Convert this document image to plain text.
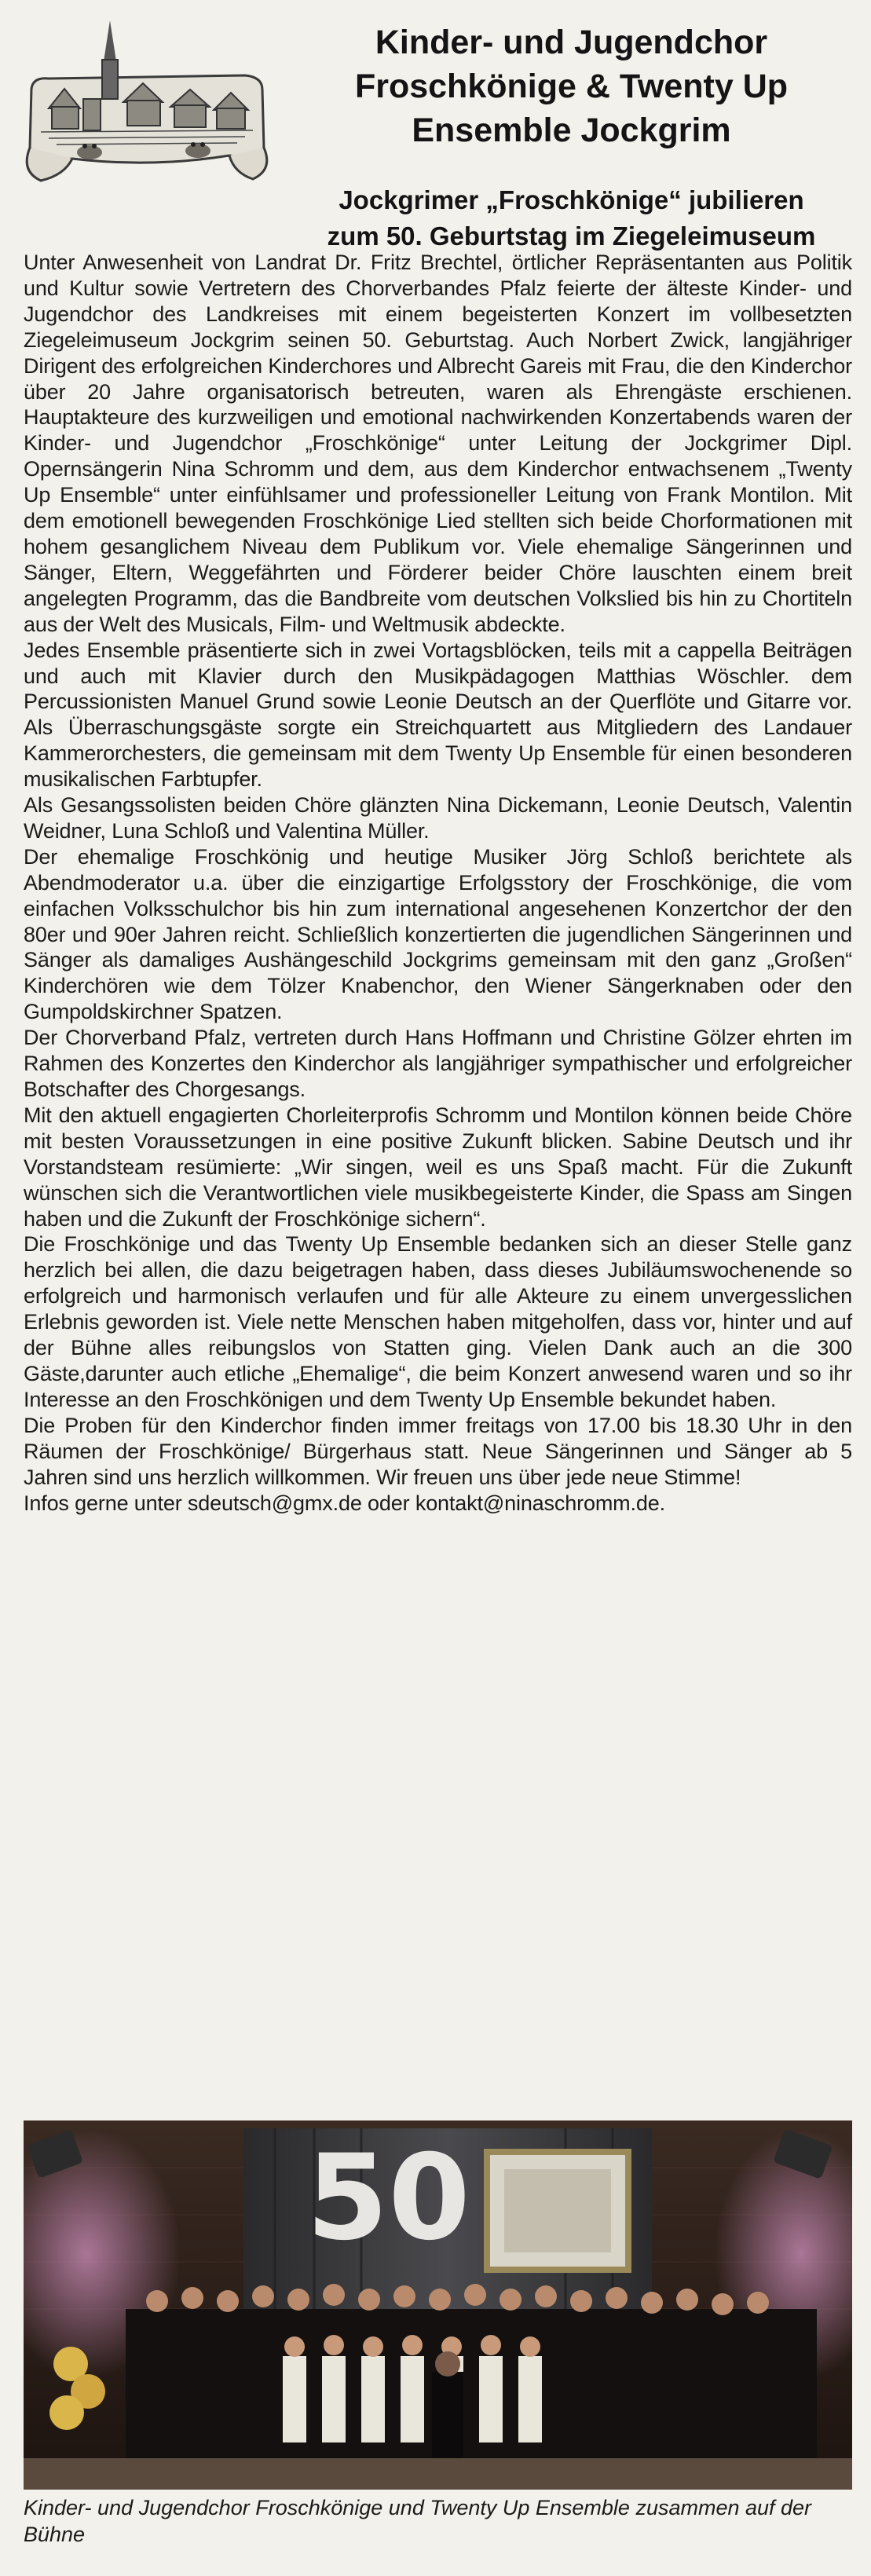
Kinder- und Jugendchor
Froschkönige & Twenty Up
Ensemble Jockgrim
Jockgrimer „Froschkönige“ jubilieren
zum 50. Geburtstag im Ziegeleimuseum

Unter Anwesenheit von Landrat Dr. Fritz Brechtel, örtlicher Repräsentanten aus Politik und Kultur sowie Vertretern des Chorverbandes Pfalz feierte der älteste Kinder- und Jugendchor des Landkreises mit einem begeisterten Konzert im vollbesetzten Ziegeleimuseum Jockgrim seinen 50. Geburtstag. Auch Norbert Zwick, langjähriger Dirigent des erfolgreichen Kinderchores und Albrecht Gareis mit Frau, die den Kinderchor über 20 Jahre organisatorisch betreuten, waren als Ehrengäste erschienen. Hauptakteure des kurzweiligen und emotional nachwirkenden Konzertabends waren der Kinder- und Jugendchor „Froschkönige“ unter Leitung der Jockgrimer Dipl. Opernsängerin Nina Schromm und dem, aus dem Kinderchor entwachsenem „Twenty Up Ensemble“ unter einfühlsamer und professioneller Leitung von Frank Montilon. Mit dem emotionell bewegenden Froschkönige Lied stellten sich beide Chorformationen mit hohem gesanglichem Niveau dem Publikum vor. Viele ehemalige Sängerinnen und Sänger, Eltern, Weggefährten und Förderer beider Chöre lauschten einem breit angelegten Programm, das die Bandbreite vom deutschen Volkslied bis hin zu Chortiteln aus der Welt des Musicals, Film- und Weltmusik abdeckte.

Jedes Ensemble präsentierte sich in zwei Vortagsblöcken, teils mit a cappella Beiträgen und auch mit Klavier durch den Musikpädagogen Matthias Wöschler. dem Percussionisten Manuel Grund sowie Leonie Deutsch an der Querflöte und Gitarre vor. Als Überraschungsgäste sorgte ein Streichquartett aus Mitgliedern des Landauer Kammerorchesters, die gemeinsam mit dem Twenty Up Ensemble für einen besonderen musikalischen Farbtupfer.

Als Gesangssolisten beiden Chöre glänzten Nina Dickemann, Leonie Deutsch, Valentin Weidner, Luna Schloß und Valentina Müller.

Der ehemalige Froschkönig und heutige Musiker Jörg Schloß berichtete als Abendmoderator u.a. über die einzigartige Erfolgsstory der Froschkönige, die vom einfachen Volksschulchor bis hin zum international angesehenen Konzertchor der den 80er und 90er Jahren reicht. Schließlich konzertierten die jugendlichen Sängerinnen und Sänger als damaliges Aushängeschild Jockgrims gemeinsam mit den ganz „Großen“ Kinderchören wie dem Tölzer Knabenchor, den Wiener Sängerknaben oder den Gumpoldskirchner Spatzen.

Der Chorverband Pfalz, vertreten durch Hans Hoffmann und Christine Gölzer ehrten im Rahmen des Konzertes den Kinderchor als langjähriger sympathischer und erfolgreicher Botschafter des Chorgesangs.

Mit den aktuell engagierten Chorleiterprofis Schromm und Montilon können beide Chöre mit besten Voraussetzungen in eine positive Zukunft blicken. Sabine Deutsch und ihr Vorstandsteam resümierte: „Wir singen, weil es uns Spaß macht. Für die Zukunft wünschen sich die Verantwortlichen viele musikbegeisterte Kinder, die Spass am Singen haben und die Zukunft der Froschkönige sichern“.

Die Froschkönige und das Twenty Up Ensemble bedanken sich an dieser Stelle ganz herzlich bei allen, die dazu beigetragen haben, dass dieses Jubiläumswochenende so erfolgreich und harmonisch verlaufen und für alle Akteure zu einem unvergesslichen Erlebnis geworden ist. Viele nette Menschen haben mitgeholfen, dass vor, hinter und auf der Bühne alles reibungslos von Statten ging. Vielen Dank auch an die 300 Gäste,darunter auch etliche „Ehemalige“, die beim Konzert anwesend waren und so ihr Interesse an den Froschkönigen und dem Twenty Up Ensemble bekundet haben.

Die Proben für den Kinderchor finden immer freitags von 17.00 bis 18.30 Uhr in den Räumen der Froschkönige/ Bürgerhaus statt. Neue Sängerinnen und Sänger ab 5 Jahren sind uns herzlich willkommen. Wir freuen uns über jede neue Stimme!

Infos gerne unter sdeutsch@gmx.de oder kontakt@ninaschromm.de.

50
Kinder- und Jugendchor Froschkönige und Twenty Up Ensemble zusammen auf der Bühne
